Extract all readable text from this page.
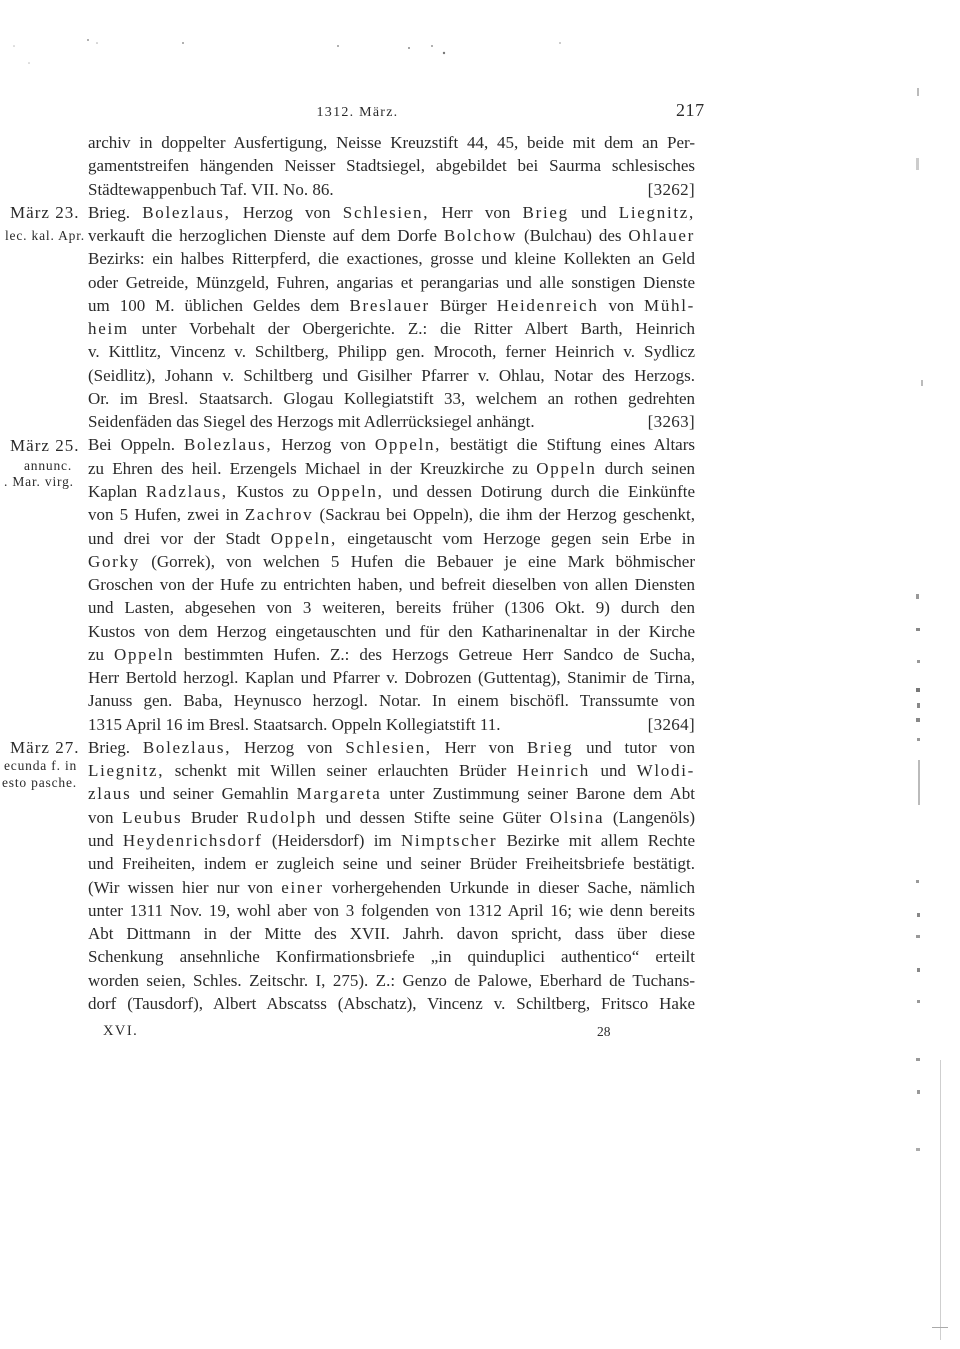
1312. März.	217
März 23.
lec. kal. Apr.
März 25.
annunc.
. Mar. virg.
März 27.
ecunda f. in
esto pasche.
archiv in doppelter Ausfertigung, Neisse Kreuzstift 44, 45, beide mit dem an Per-
gamentstreifen hängenden Neisser Stadtsiegel, abgebildet bei Saurma schlesisches
Städtewappenbuch Taf. VII. No. 86.	[3262]
Brieg. Bolezlaus, Herzog von Schlesien, Herr von Brieg und Liegnitz,
verkauft die herzoglichen Dienste auf dem Dorfe Bolchow (Bulchau) des Ohlauer
Bezirks: ein halbes Ritterpferd, die exactiones, grosse und kleine Kollekten an Geld
oder Getreide, Münzgeld, Fuhren, angarias et perangarias und alle sonstigen Dienste
um 100 M. üblichen Geldes dem Breslauer Bürger Heidenreich von Mühl-
heim unter Vorbehalt der Obergerichte. Z.: die Ritter Albert Barth, Heinrich
v. Kittlitz, Vincenz v. Schiltberg, Philipp gen. Mrocoth, ferner Heinrich v. Sydlicz
(Seidlitz), Johann v. Schiltberg und Gisilher Pfarrer v. Ohlau, Notar des Herzogs.
Or. im Bresl. Staatsarch. Glogau Kollegiatstift 33, welchem an rothen gedrehten
Seidenfäden das Siegel des Herzogs mit Adlerrücksiegel anhängt.	[3263]
Bei Oppeln. Bolezlaus, Herzog von Oppeln, bestätigt die Stiftung eines Altars
zu Ehren des heil. Erzengels Michael in der Kreuzkirche zu Oppeln durch seinen
Kaplan Radzlaus, Kustos zu Oppeln, und dessen Dotirung durch die Einkünfte
von 5 Hufen, zwei in Zachrov (Sackrau bei Oppeln), die ihm der Herzog geschenkt,
und drei vor der Stadt Oppeln, eingetauscht vom Herzoge gegen sein Erbe in
Gorky (Gorrek), von welchen 5 Hufen die Bebauer je eine Mark böhmischer
Groschen von der Hufe zu entrichten haben, und befreit dieselben von allen Diensten
und Lasten, abgesehen von 3 weiteren, bereits früher (1306 Okt. 9) durch den
Kustos von dem Herzog eingetauschten und für den Katharinenaltar in der Kirche
zu Oppeln bestimmten Hufen. Z.: des Herzogs Getreue Herr Sandco de Sucha,
Herr Bertold herzogl. Kaplan und Pfarrer v. Dobrozen (Guttentag), Stanimir de Tirna,
Januss gen. Baba, Heynusco herzogl. Notar. In einem bischöfl. Transsumte von
1315 April 16 im Bresl. Staatsarch. Oppeln Kollegiatstift 11.	[3264]
Brieg. Bolezlaus, Herzog von Schlesien, Herr von Brieg und tutor von
Liegnitz, schenkt mit Willen seiner erlauchten Brüder Heinrich und Wlodi-
zlaus und seiner Gemahlin Margareta unter Zustimmung seiner Barone dem Abt
von Leubus Bruder Rudolph und dessen Stifte seine Güter Olsina (Langenöls)
und Heydenrichsdorf (Heidersdorf) im Nimptscher Bezirke mit allem Rechte
und Freiheiten, indem er zugleich seine und seiner Brüder Freiheitsbriefe bestätigt.
(Wir wissen hier nur von einer vorhergehenden Urkunde in dieser Sache, nämlich
unter 1311 Nov. 19, wohl aber von 3 folgenden von 1312 April 16; wie denn bereits
Abt Dittmann in der Mitte des XVII. Jahrh. davon spricht, dass über diese
Schenkung ansehnliche Konfirmationsbriefe „in quinduplici authentico“ erteilt
worden seien, Schles. Zeitschr. I, 275). Z.: Genzo de Palowe, Eberhard de Tuchans-
dorf (Tausdorf), Albert Abscatss (Abschatz), Vincenz v. Schiltberg, Fritsco Hake
XVI.	28
